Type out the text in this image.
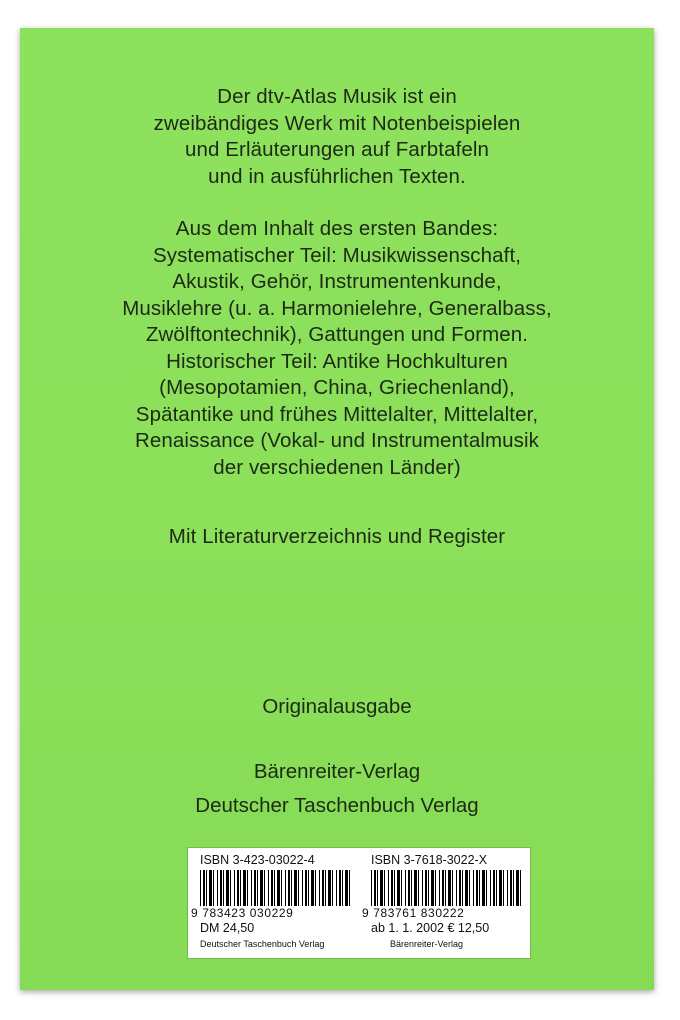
Der dtv-Atlas Musik ist ein
zweibändiges Werk mit Notenbeispielen
und Erläuterungen auf Farbtafeln
und in ausführlichen Texten.
Aus dem Inhalt des ersten Bandes:
Systematischer Teil: Musikwissenschaft,
Akustik, Gehör, Instrumentenkunde,
Musiklehre (u. a. Harmonielehre, Generalbass,
Zwölftontechnik), Gattungen und Formen.
Historischer Teil: Antike Hochkulturen
(Mesopotamien, China, Griechenland),
Spätantike und frühes Mittelalter, Mittelalter,
Renaissance (Vokal- und Instrumentalmusik
der verschiedenen Länder)
Mit Literaturverzeichnis und Register
Originalausgabe
Bärenreiter-Verlag
Deutscher Taschenbuch Verlag
ISBN 3-423-03022-4
9 783423 030229
DM 24,50
Deutscher Taschenbuch Verlag
ISBN 3-7618-3022-X
9 783761 830222
ab 1. 1. 2002 € 12,50
Bärenreiter-Verlag
